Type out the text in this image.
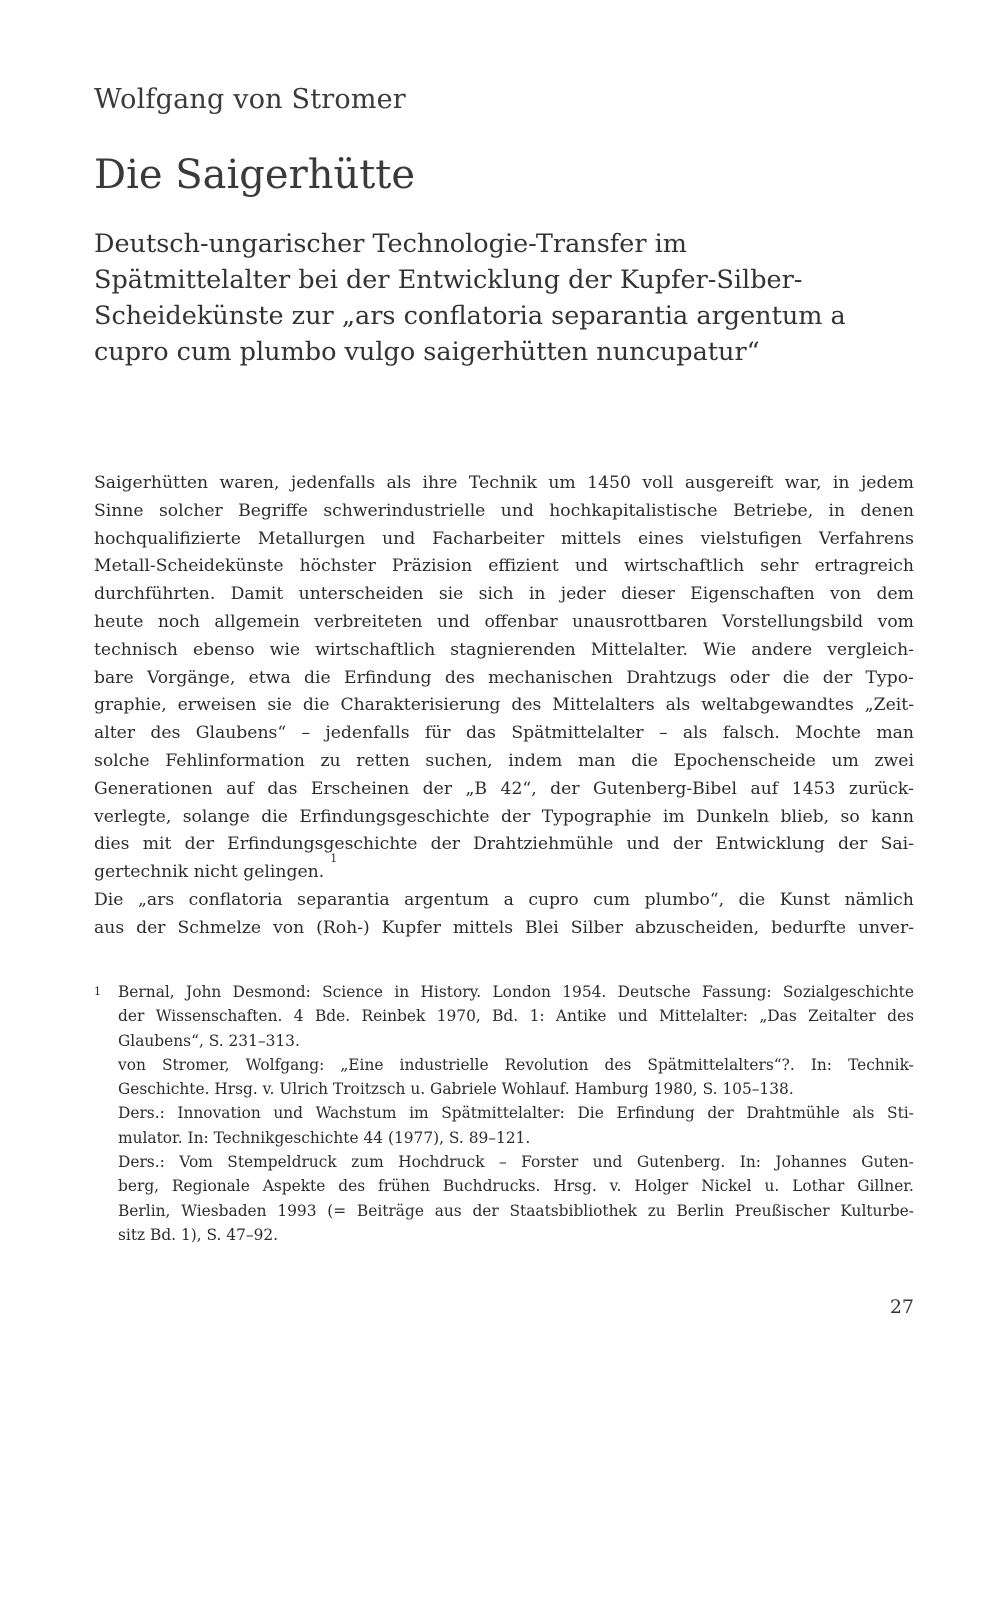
Wolfgang von Stromer
Die Saigerhütte
Deutsch-ungarischer Technologie-Transfer im
Spätmittelalter bei der Entwicklung der Kupfer-Silber-
Scheidekünste zur „ars conflatoria separantia argentum a
cupro cum plumbo vulgo saigerhütten nuncupatur“
Saigerhütten waren, jedenfalls als ihre Technik um 1450 voll ausgereift war, in jedem
Sinne solcher Begriffe schwerindustrielle und hochkapitalistische Betriebe, in denen
hochqualifizierte Metallurgen und Facharbeiter mittels eines vielstufigen Verfahrens
Metall-Scheidekünste höchster Präzision effizient und wirtschaftlich sehr ertragreich
durchführten. Damit unterscheiden sie sich in jeder dieser Eigenschaften von dem
heute noch allgemein verbreiteten und offenbar unausrottbaren Vorstellungsbild vom
technisch ebenso wie wirtschaftlich stagnierenden Mittelalter. Wie andere vergleich-
bare Vorgänge, etwa die Erfindung des mechanischen Drahtzugs oder die der Typo-
graphie, erweisen sie die Charakterisierung des Mittelalters als weltabgewandtes „Zeit-
alter des Glaubens“ – jedenfalls für das Spätmittelalter – als falsch. Mochte man
solche Fehlinformation zu retten suchen, indem man die Epochenscheide um zwei
Generationen auf das Erscheinen der „B 42“, der Gutenberg-Bibel auf 1453 zurück-
verlegte, solange die Erfindungsgeschichte der Typographie im Dunkeln blieb, so kann
dies mit der Erfindungsgeschichte der Drahtziehmühle und der Entwicklung der Sai-
gertechnik nicht gelingen.
1
Die „ars conflatoria separantia argentum a cupro cum plumbo“, die Kunst nämlich
aus der Schmelze von (Roh-) Kupfer mittels Blei Silber abzuscheiden, bedurfte unver-
1 Bernal, John Desmond: Science in History. London 1954. Deutsche Fassung: Sozialgeschichte
der Wissenschaften. 4 Bde. Reinbek 1970, Bd. 1: Antike und Mittelalter: „Das Zeitalter des
Glaubens“, S. 231–313.
von Stromer, Wolfgang: „Eine industrielle Revolution des Spätmittelalters“?. In: Technik-
Geschichte. Hrsg. v. Ulrich Troitzsch u. Gabriele Wohlauf. Hamburg 1980, S. 105–138.
Ders.: Innovation und Wachstum im Spätmittelalter: Die Erfindung der Drahtmühle als Sti-
mulator. In: Technikgeschichte 44 (1977), S. 89–121.
Ders.: Vom Stempeldruck zum Hochdruck – Forster und Gutenberg. In: Johannes Guten-
berg, Regionale Aspekte des frühen Buchdrucks. Hrsg. v. Holger Nickel u. Lothar Gillner.
Berlin, Wiesbaden 1993 (= Beiträge aus der Staatsbibliothek zu Berlin Preußischer Kulturbe-
sitz Bd. 1), S. 47–92.
27
